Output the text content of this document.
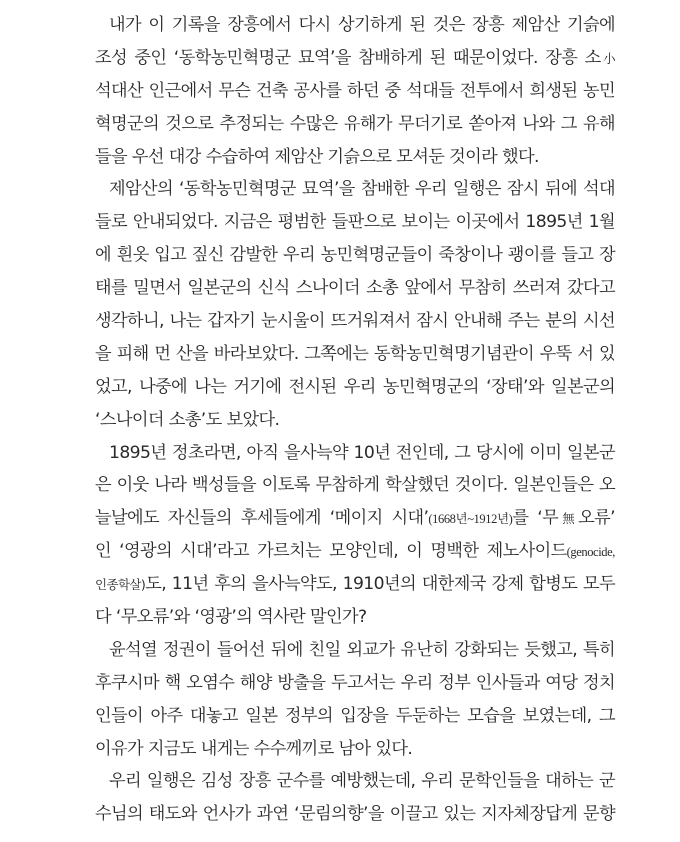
내가 이 기록을 장흥에서 다시 상기하게 된 것은 장흥 제암산 기슭에
조성 중인 ‘동학농민혁명군 묘역’을 참배하게 된 때문이었다. 장흥 소小
석대산 인근에서 무슨 건축 공사를 하던 중 석대들 전투에서 희생된 농민
혁명군의 것으로 추정되는 수많은 유해가 무더기로 쏟아져 나와 그 유해
들을 우선 대강 수습하여 제암산 기슭으로 모셔둔 것이라 했다.
제암산의 ‘동학농민혁명군 묘역’을 참배한 우리 일행은 잠시 뒤에 석대
들로 안내되었다. 지금은 평범한 들판으로 보이는 이곳에서 1895년 1월
에 흰옷 입고 짚신 감발한 우리 농민혁명군들이 죽창이나 괭이를 들고 장
태를 밀면서 일본군의 신식 스나이더 소총 앞에서 무참히 쓰러져 갔다고
생각하니, 나는 갑자기 눈시울이 뜨거워져서 잠시 안내해 주는 분의 시선
을 피해 먼 산을 바라보았다. 그쪽에는 동학농민혁명기념관이 우뚝 서 있
었고, 나중에 나는 거기에 전시된 우리 농민혁명군의 ‘장태’와 일본군의
‘스나이더 소총’도 보았다.
1895년 정초라면, 아직 을사늑약 10년 전인데, 그 당시에 이미 일본군
은 이웃 나라 백성들을 이토록 무참하게 학살했던 것이다. 일본인들은 오
늘날에도 자신들의 후세들에게 ‘메이지 시대’(1668년~1912년)를 ‘무無오류’
인 ‘영광의 시대’라고 가르치는 모양인데, 이 명백한 제노사이드(genocide,
인종학살)도, 11년 후의 을사늑약도, 1910년의 대한제국 강제 합병도 모두
다 ‘무오류’와 ‘영광’의 역사란 말인가?
윤석열 정권이 들어선 뒤에 친일 외교가 유난히 강화되는 듯했고, 특히
후쿠시마 핵 오염수 해양 방출을 두고서는 우리 정부 인사들과 여당 정치
인들이 아주 대놓고 일본 정부의 입장을 두둔하는 모습을 보였는데, 그
이유가 지금도 내게는 수수께끼로 남아 있다.
우리 일행은 김성 장흥 군수를 예방했는데, 우리 문학인들을 대하는 군
수님의 태도와 언사가 과연 ‘문림의향’을 이끌고 있는 지자체장답게 문향
